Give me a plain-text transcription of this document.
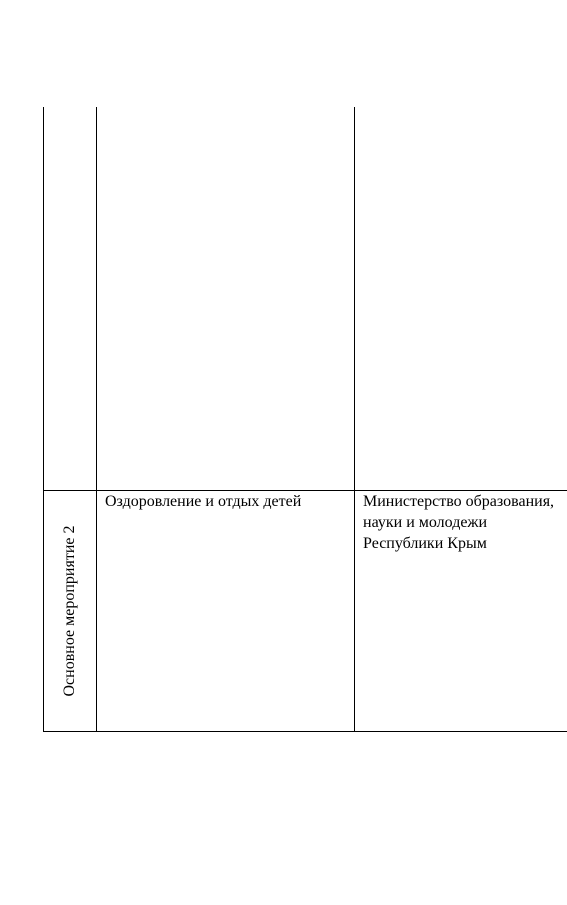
Основное мероприятие 2
Оздоровление и отдых детей	Министерство образования, науки и молодежи Республики Крым
